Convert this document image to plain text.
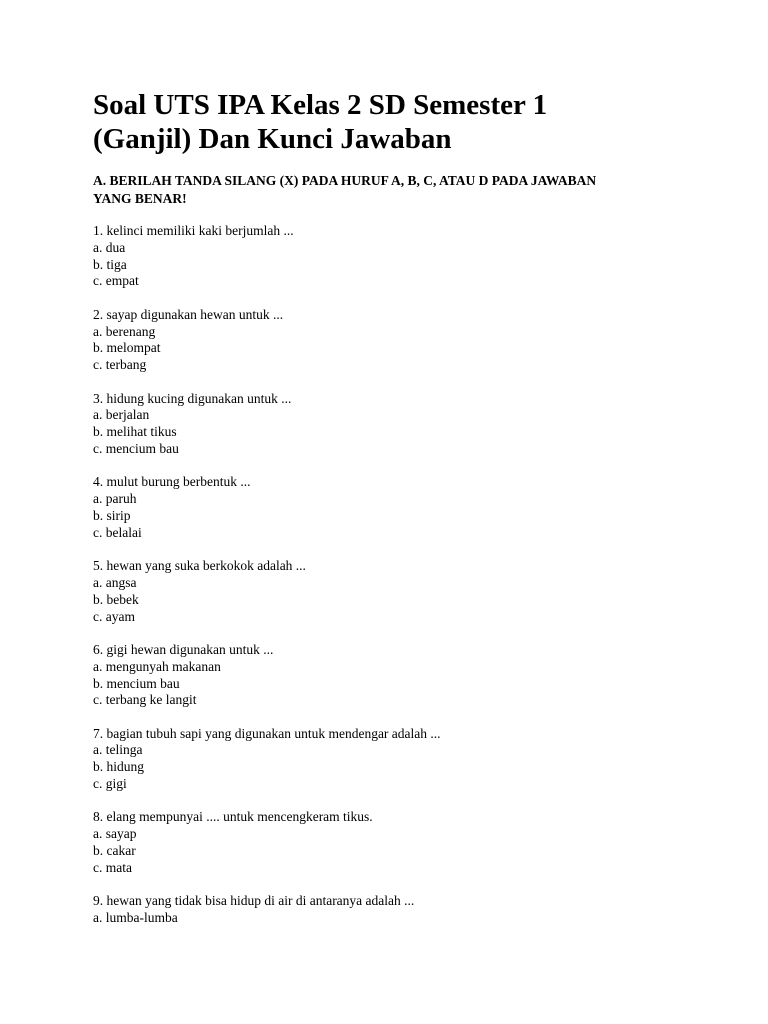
Soal UTS IPA Kelas 2 SD Semester 1
(Ganjil) Dan Kunci Jawaban

A. BERILAH TANDA SILANG (X) PADA HURUF A, B, C, ATAU D PADA JAWABAN YANG BENAR!

1. kelinci memiliki kaki berjumlah ...
a. dua
b. tiga
c. empat
2. sayap digunakan hewan untuk ...
a. berenang
b. melompat
c. terbang
3. hidung kucing digunakan untuk ...
a. berjalan
b. melihat tikus
c. mencium bau
4. mulut burung berbentuk ...
a. paruh
b. sirip
c. belalai
5. hewan yang suka berkokok adalah ...
a. angsa
b. bebek
c. ayam
6. gigi hewan digunakan untuk ...
a. mengunyah makanan
b. mencium bau
c. terbang ke langit
7. bagian tubuh sapi yang digunakan untuk mendengar adalah ...
a. telinga
b. hidung
c. gigi
8. elang mempunyai .... untuk mencengkeram tikus.
a. sayap
b. cakar
c. mata
9. hewan yang tidak bisa hidup di air di antaranya adalah ...
a. lumba-lumba
